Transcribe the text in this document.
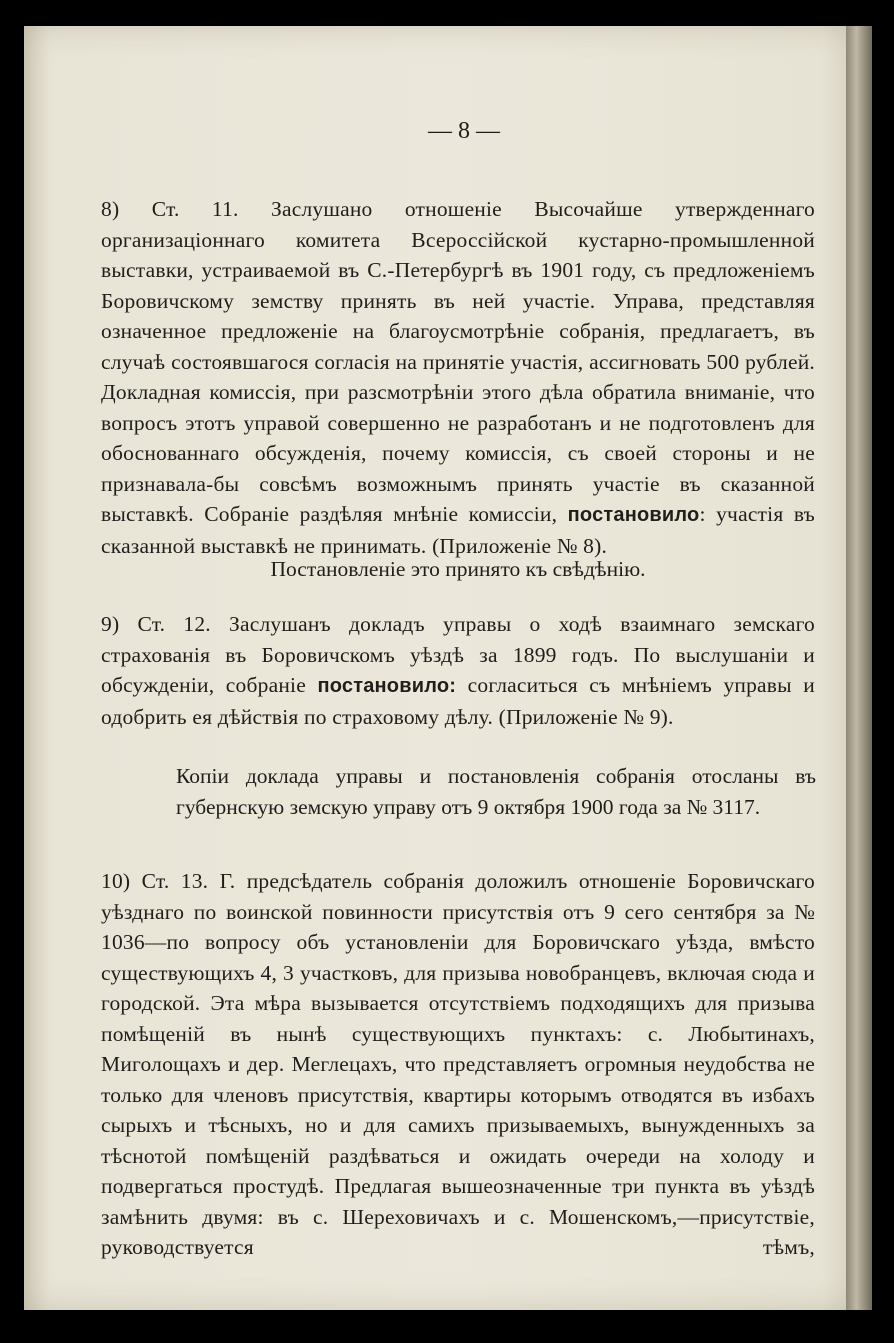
— 8 —

8) Ст. 11. Заслушано отношеніе Высочайше утвержденнаго организаціоннаго комитета Всероссійской кустарно-промышленной выставки, устраиваемой въ С.-Петербургѣ въ 1901 году, съ предложеніемъ Боровичскому земству принять въ ней участіе. Управа, представляя означенное предложеніе на благоусмотрѣніе собранія, предлагаетъ, въ случаѣ состоявшагося согласія на принятіе участія, ассигновать 500 рублей. Докладная комиссія, при разсмотрѣніи этого дѣла обратила вниманіе, что вопросъ этотъ управой совершенно не разработанъ и не подготовленъ для обоснованнаго обсужденія, почему комиссія, съ своей стороны и не признавала-бы совсѣмъ возможнымъ принять участіе въ сказанной выставкѣ. Собраніе раздѣляя мнѣніе комиссіи, постановило: участія въ сказанной выставкѣ не принимать. (Приложеніе № 8).

Постановленіе это принято къ свѣдѣнію.

9) Ст. 12. Заслушанъ докладъ управы о ходѣ взаимнаго земскаго страхованія въ Боровичскомъ уѣздѣ за 1899 годъ. По выслушаніи и обсужденіи, собраніе постановило: согласиться съ мнѣніемъ управы и одобрить ея дѣйствія по страховому дѣлу. (Приложеніе № 9).

Копіи доклада управы и постановленія собранія отосланы въ губернскую земскую управу отъ 9 октября 1900 года за № 3117.

10) Ст. 13. Г. предсѣдатель собранія доложилъ отношеніе Боровичскаго уѣзднаго по воинской повинности присутствія отъ 9 сего сентября за № 1036—по вопросу объ установленіи для Боровичскаго уѣзда, вмѣсто существующихъ 4, 3 участковъ, для призыва новобранцевъ, включая сюда и городской. Эта мѣра вызывается отсутствіемъ подходящихъ для призыва помѣщеній въ нынѣ существующихъ пунктахъ: с. Любытинахъ, Миголощахъ и дер. Меглецахъ, что представляетъ огромныя неудобства не только для членовъ присутствія, квартиры которымъ отводятся въ избахъ сырыхъ и тѣсныхъ, но и для самихъ призываемыхъ, вынужденныхъ за тѣснотой помѣщеній раздѣваться и ожидать очереди на холоду и подвергаться простудѣ. Предлагая вышеозначенные три пункта въ уѣздѣ замѣнить двумя: въ с. Шереховичахъ и с. Мошенскомъ,—присутствіе, руководствуется тѣмъ,
